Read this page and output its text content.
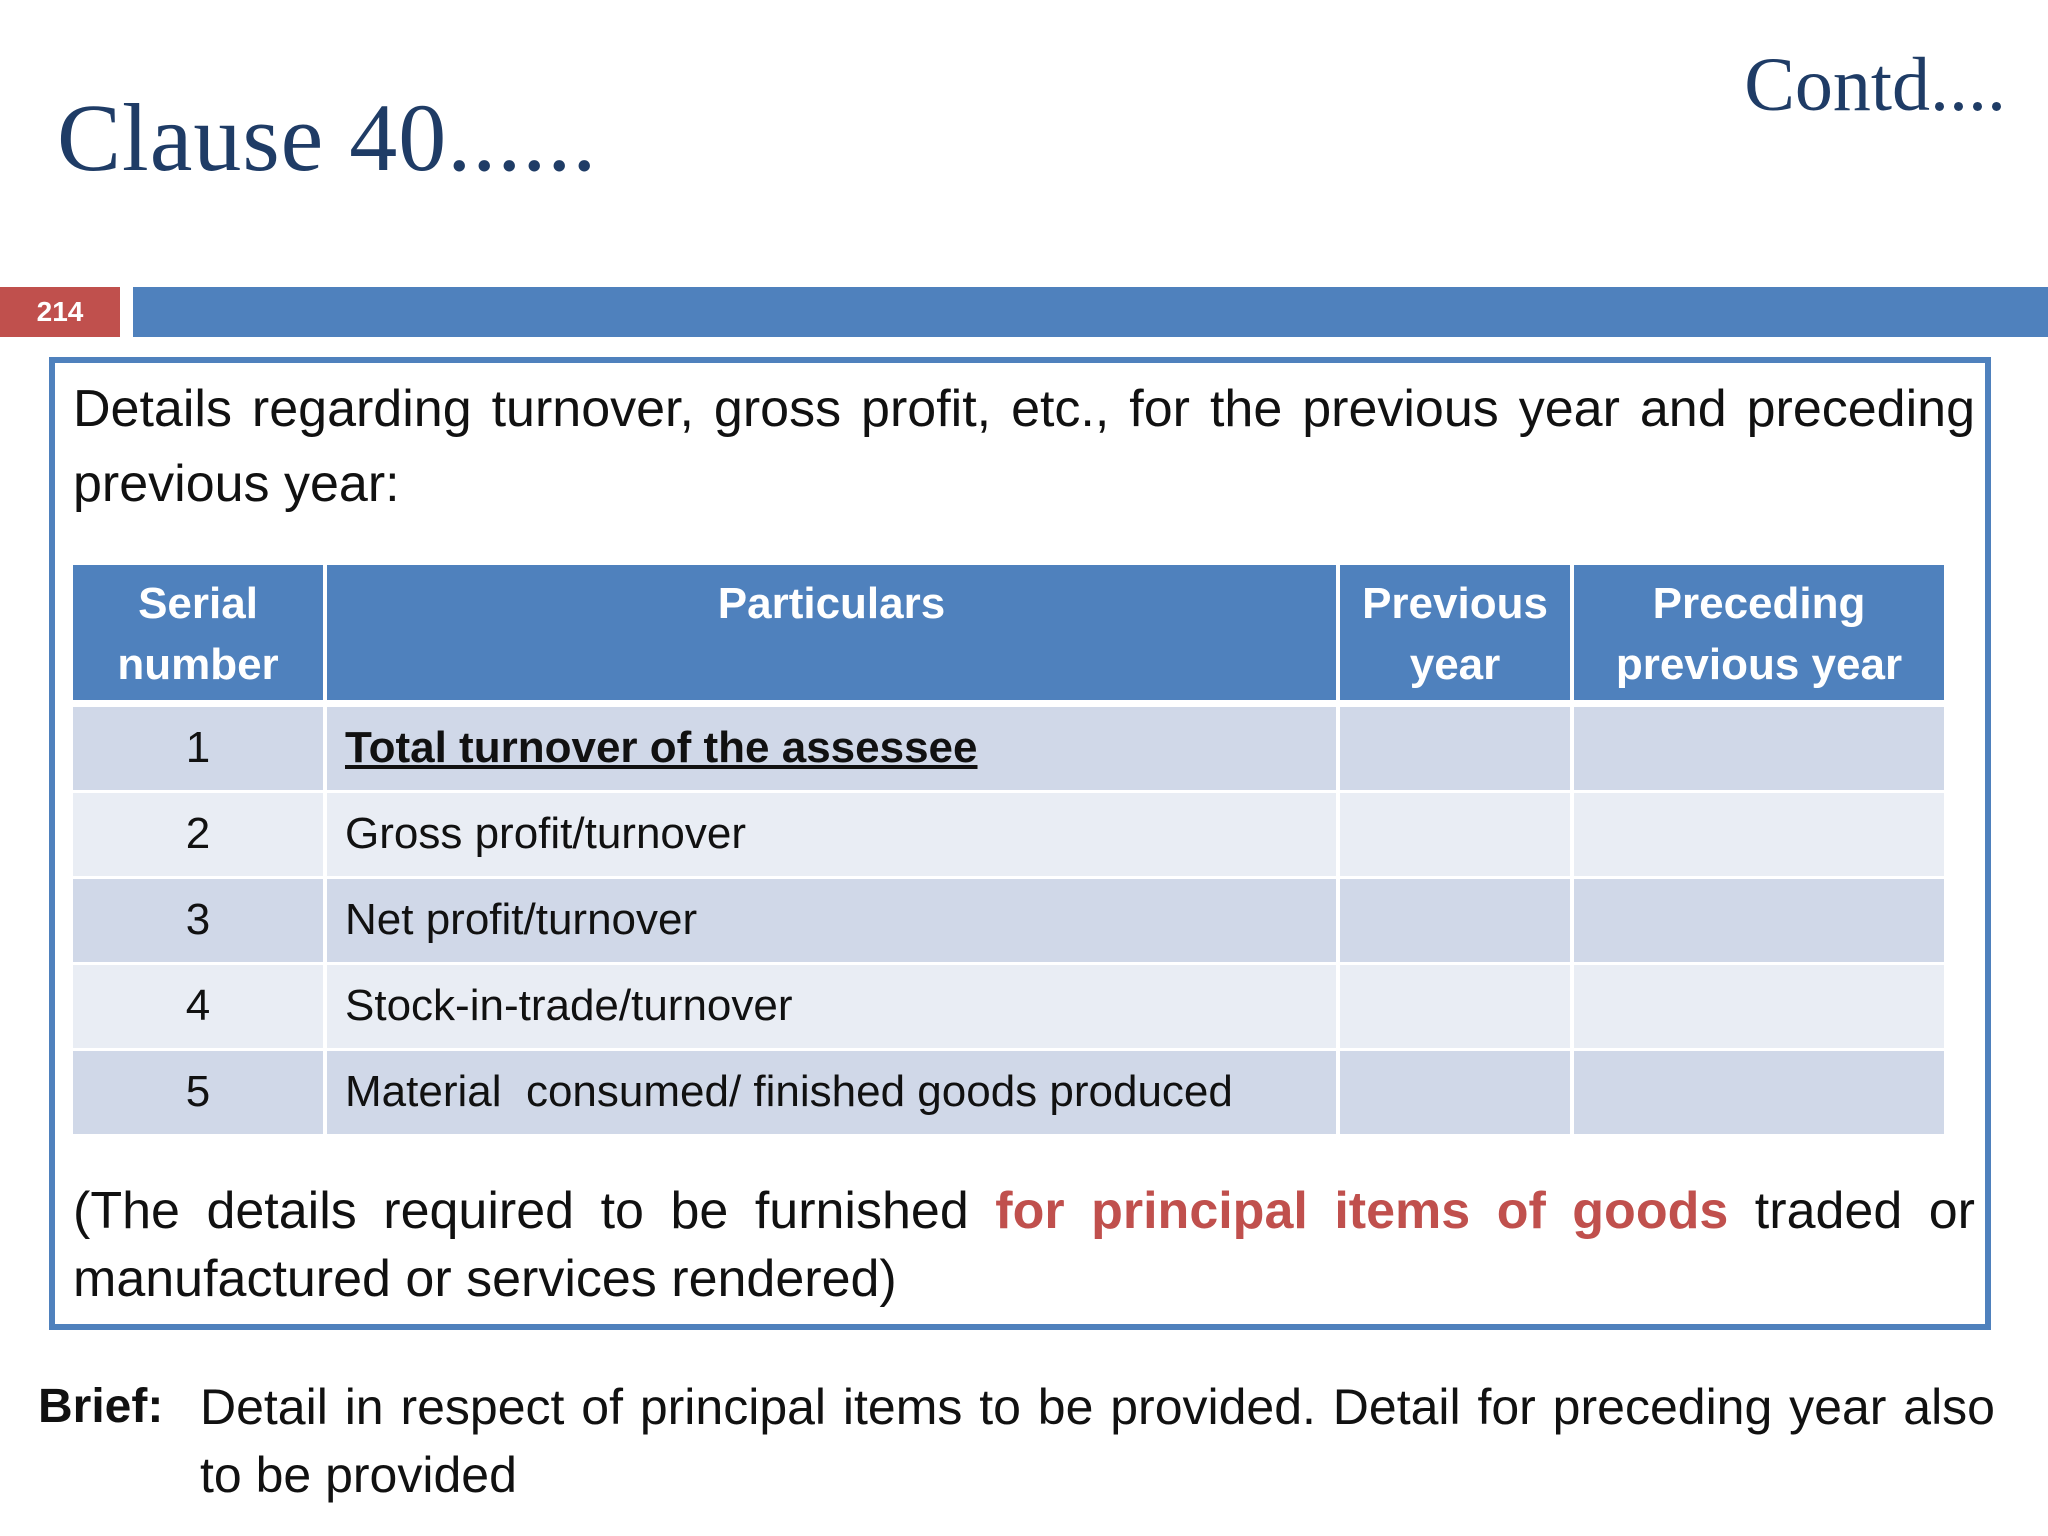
Clause 40......	Contd....
214

Details regarding turnover, gross profit, etc., for the previous year and preceding previous year:

Serial number	Particulars	Previous year	Preceding previous year
1	Total turnover of the assessee		
2	Gross profit/turnover		
3	Net profit/turnover		
4	Stock-in-trade/turnover		
5	Material  consumed/ finished goods produced		

(The details required to be furnished for principal items of goods traded or manufactured or services rendered)

Brief: Detail in respect of principal items to be provided. Detail for preceding year also to be provided
